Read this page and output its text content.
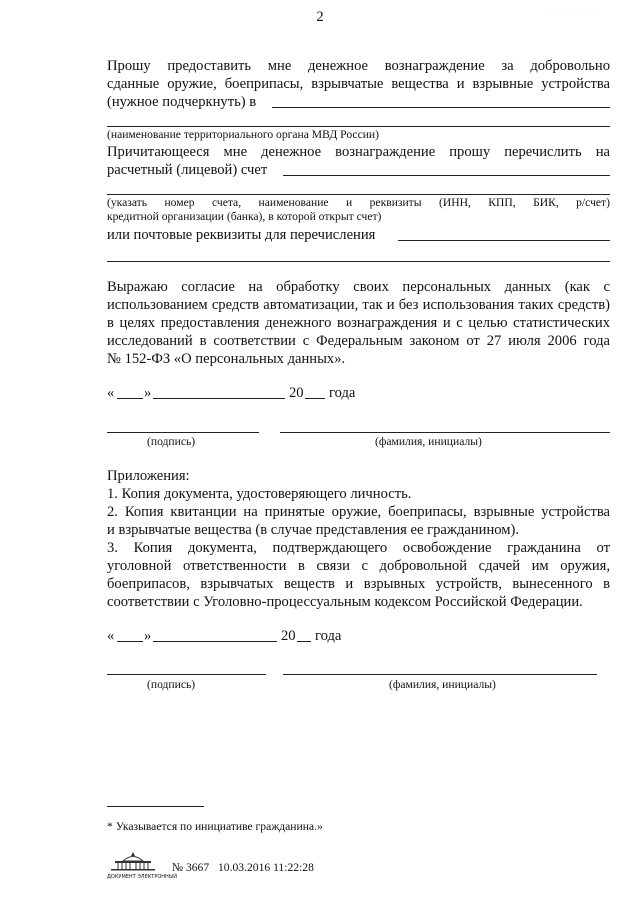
2	· · · · · · ·
Прошу предоставить мне денежное вознаграждение за добровольно
сданные оружие, боеприпасы, взрывчатые вещества и взрывные устройства
(нужное подчеркнуть) в
(наименование территориального органа МВД России)
Причитающееся мне денежное вознаграждение прошу перечислить на
расчетный (лицевой) счет
(указать номер счета, наименование и реквизиты (ИНН, КПП, БИК, р/счет)
кредитной организации (банка), в которой открыт счет)
или почтовые реквизиты для перечисления
Выражаю согласие на обработку своих персональных данных (как с
использованием средств автоматизации, так и без использования таких средств)
в целях предоставления денежного вознаграждения и с целью статистических
исследований в соответствии с Федеральным законом от 27 июля 2006 года
№ 152-ФЗ «О персональных данных».
« »	20 года
(подпись)	(фамилия, инициалы)
Приложения:
1. Копия документа, удостоверяющего личность.
2. Копия квитанции на принятые оружие, боеприпасы, взрывные устройства
и взрывчатые вещества (в случае представления ее гражданином).
3. Копия документа, подтверждающего освобождение гражданина от
уголовной ответственности в связи с добровольной сдачей им оружия,
боеприпасов, взрывчатых веществ и взрывных устройств, вынесенного в
соответствии с Уголовно-процессуальным кодексом Российской Федерации.
« »	20 года
(подпись)	(фамилия, инициалы)
* Указывается по инициативе гражданина.»
ДОКУМЕНТ ЭЛЕКТРОННЫЙ
№ 3667 10.03.2016 11:22:28
